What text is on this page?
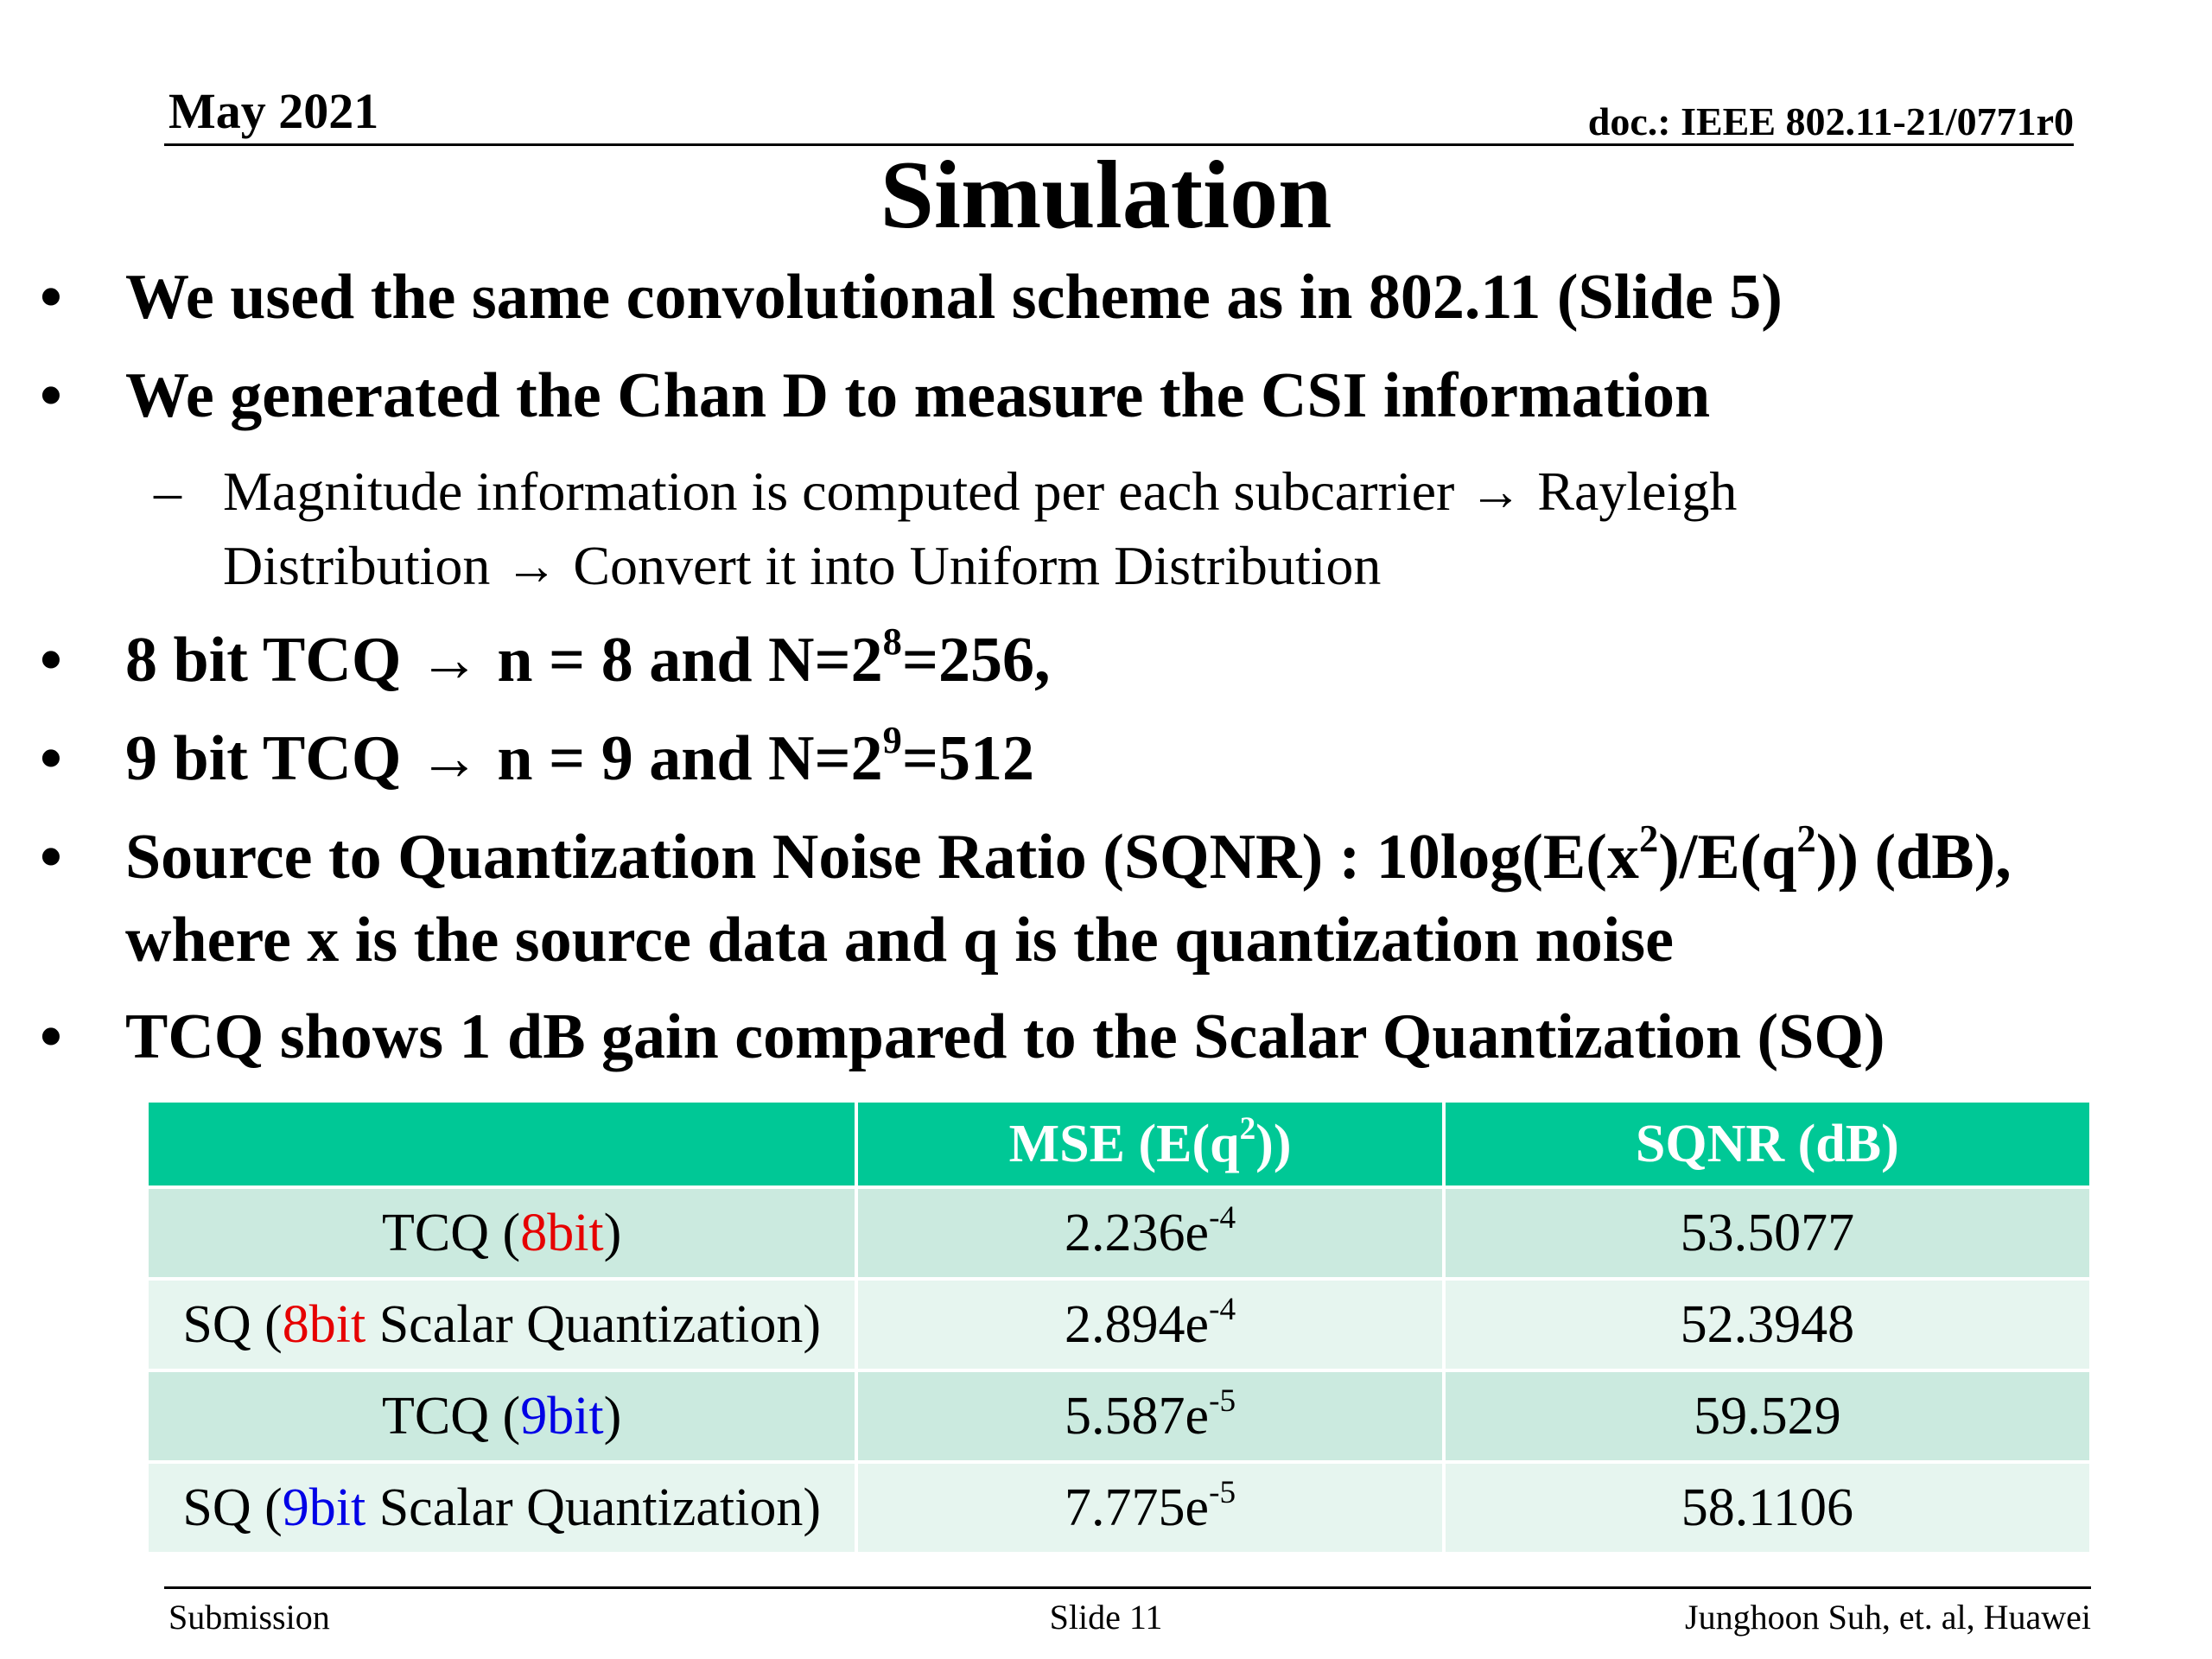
May 2021	doc.: IEEE 802.11-21/0771r0
Simulation
• We used the same convolutional scheme as in 802.11 (Slide 5)
• We generated the Chan D to measure the CSI information
– Magnitude information is computed per each subcarrier → Rayleigh
Distribution → Convert it into Uniform Distribution
• 8 bit TCQ → n = 8 and $N=2^8=256$,
• 9 bit TCQ → n = 9 and $N=2^9=512$
• Source to Quantization Noise Ratio (SQNR) : $10\log(E(x^2)/E(q^2))$ (dB),
where x is the source data and q is the quantization noise
• TCQ shows 1 dB gain compared to the Scalar Quantization (SQ)
	MSE $(E(q^2))$	SQNR (dB)
TCQ (8bit)	$2.236e^{-4}$	53.5077
SQ (8bit Scalar Quantization)	$2.894e^{-4}$	52.3948
TCQ (9bit)	$5.587e^{-5}$	59.529
SQ (9bit Scalar Quantization)	$7.775e^{-5}$	58.1106
Submission	Slide 11	Junghoon Suh, et. al, Huawei
